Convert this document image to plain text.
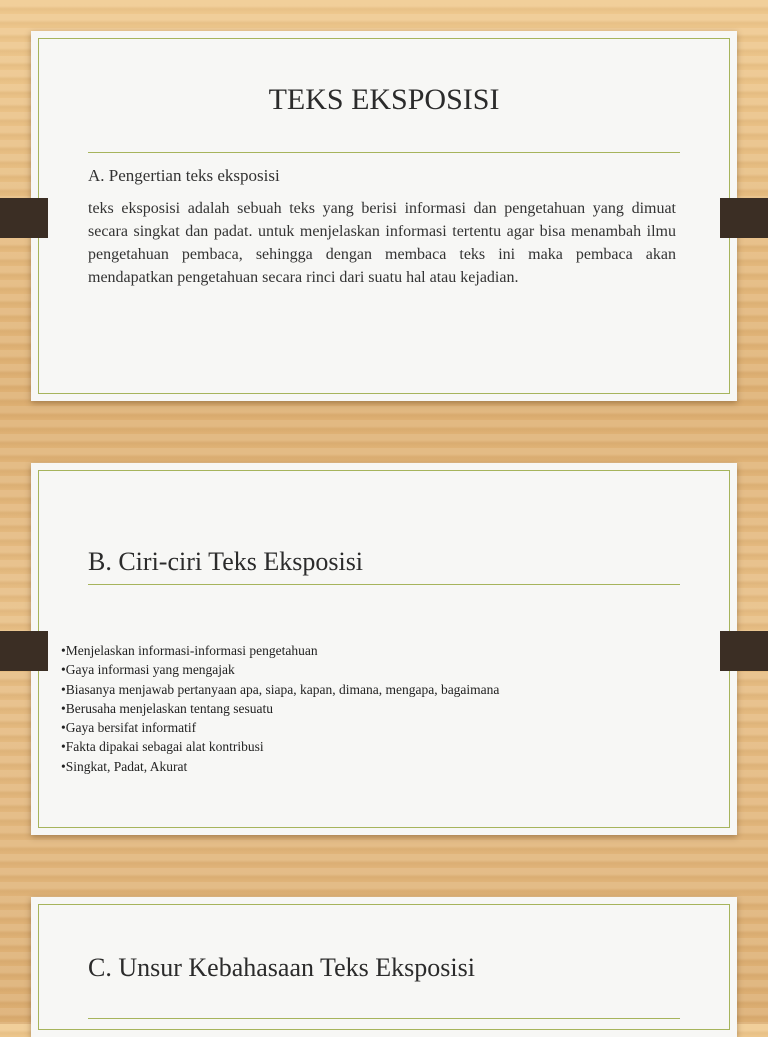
TEKS EKSPOSISI
A. Pengertian teks eksposisi
teks eksposisi adalah sebuah teks yang berisi informasi dan pengetahuan yang dimuat secara singkat dan padat. untuk menjelaskan informasi tertentu agar bisa menambah ilmu pengetahuan pembaca, sehingga dengan membaca teks ini maka pembaca akan mendapatkan pengetahuan secara rinci dari suatu hal atau kejadian.
B. Ciri-ciri Teks Eksposisi
•Menjelaskan informasi-informasi pengetahuan
•Gaya informasi yang mengajak
•Biasanya menjawab pertanyaan apa, siapa, kapan, dimana, mengapa, bagaimana
•Berusaha menjelaskan tentang sesuatu
•Gaya bersifat informatif
•Fakta dipakai sebagai alat kontribusi
•Singkat, Padat, Akurat
C. Unsur Kebahasaan Teks Eksposisi
